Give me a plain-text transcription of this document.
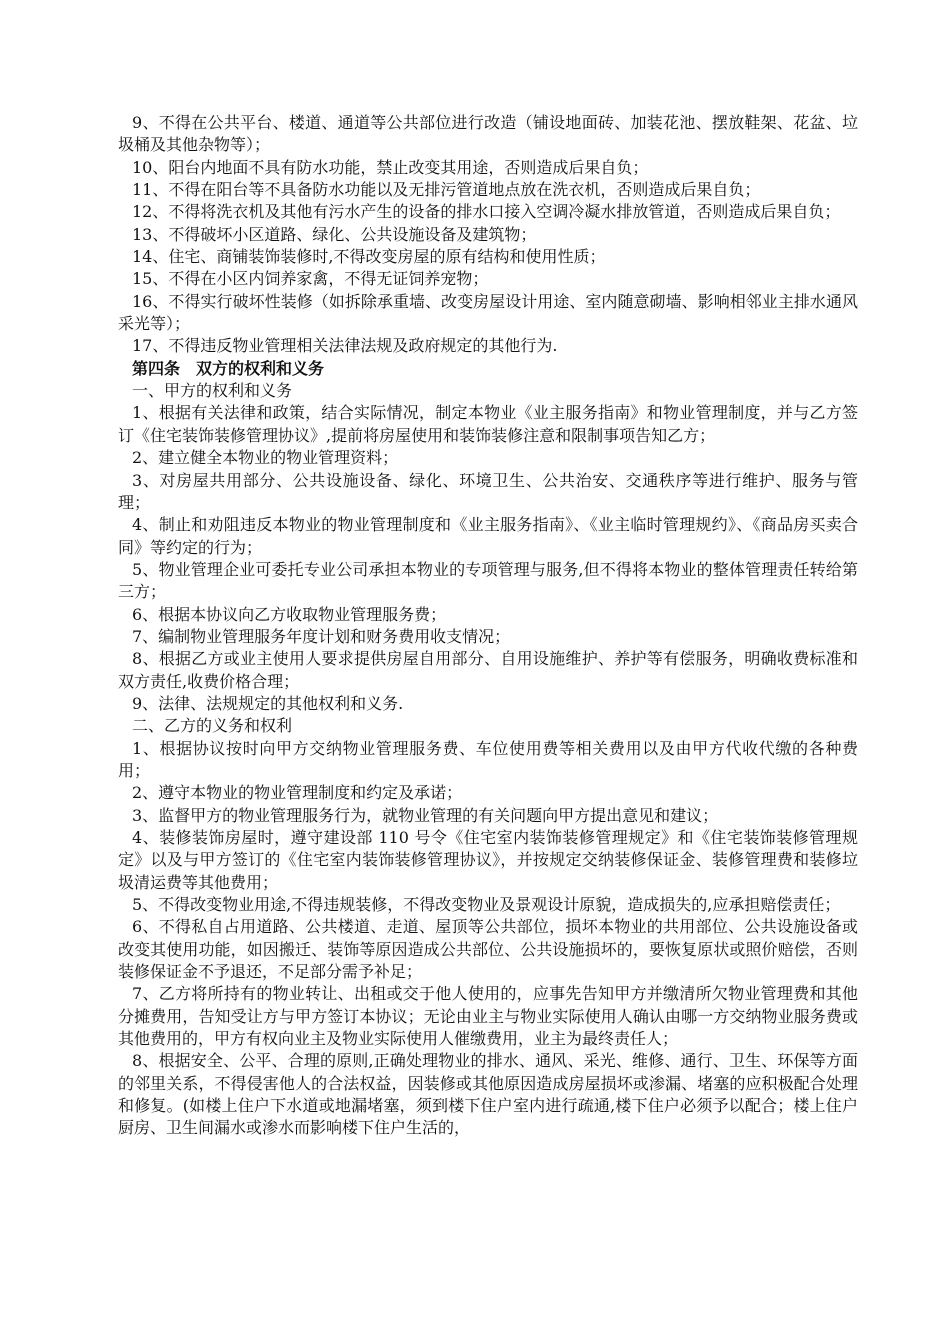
9、不得在公共平台、楼道、通道等公共部位进行改造（铺设地面砖、加装花池、摆放鞋架、花盆、垃圾桶及其他杂物等）；

10、阳台内地面不具有防水功能，禁止改变其用途，否则造成后果自负；

11、不得在阳台等不具备防水功能以及无排污管道地点放在洗衣机，否则造成后果自负；

12、不得将洗衣机及其他有污水产生的设备的排水口接入空调冷凝水排放管道，否则造成后果自负；

13、不得破坏小区道路、绿化、公共设施设备及建筑物；

14、住宅、商铺装饰装修时,不得改变房屋的原有结构和使用性质；

15、不得在小区内饲养家禽，不得无证饲养宠物；

16、不得实行破坏性装修（如拆除承重墙、改变房屋设计用途、室内随意砌墙、影响相邻业主排水通风采光等）；

17、不得违反物业管理相关法律法规及政府规定的其他行为.

第四条　双方的权利和义务

一、甲方的权利和义务

1、根据有关法律和政策，结合实际情况，制定本物业《业主服务指南》和物业管理制度，并与乙方签订《住宅装饰装修管理协议》,提前将房屋使用和装饰装修注意和限制事项告知乙方；

2、建立健全本物业的物业管理资料；

3、对房屋共用部分、公共设施设备、绿化、环境卫生、公共治安、交通秩序等进行维护、服务与管理；

4、制止和劝阻违反本物业的物业管理制度和《业主服务指南》、《业主临时管理规约》、《商品房买卖合同》等约定的行为；

5、物业管理企业可委托专业公司承担本物业的专项管理与服务,但不得将本物业的整体管理责任转给第三方；

6、根据本协议向乙方收取物业管理服务费；

7、编制物业管理服务年度计划和财务费用收支情况；

8、根据乙方或业主使用人要求提供房屋自用部分、自用设施维护、养护等有偿服务，明确收费标准和双方责任,收费价格合理；

9、法律、法规规定的其他权利和义务.

二、乙方的义务和权利

1、根据协议按时向甲方交纳物业管理服务费、车位使用费等相关费用以及由甲方代收代缴的各种费用；

2、遵守本物业的物业管理制度和约定及承诺；

3、监督甲方的物业管理服务行为，就物业管理的有关问题向甲方提出意见和建议；

4、装修装饰房屋时，遵守建设部 110 号令《住宅室内装饰装修管理规定》和《住宅装饰装修管理规定》以及与甲方签订的《住宅室内装饰装修管理协议》，并按规定交纳装修保证金、装修管理费和装修垃圾清运费等其他费用；

5、不得改变物业用途,不得违规装修，不得改变物业及景观设计原貌，造成损失的,应承担赔偿责任；

6、不得私自占用道路、公共楼道、走道、屋顶等公共部位，损坏本物业的共用部位、公共设施设备或改变其使用功能，如因搬迁、装饰等原因造成公共部位、公共设施损坏的，要恢复原状或照价赔偿，否则装修保证金不予退还，不足部分需予补足；

7、乙方将所持有的物业转让、出租或交于他人使用的，应事先告知甲方并缴清所欠物业管理费和其他分摊费用，告知受让方与甲方签订本协议；无论由业主与物业实际使用人确认由哪一方交纳物业服务费或其他费用的，甲方有权向业主及物业实际使用人催缴费用，业主为最终责任人；

8、根据安全、公平、合理的原则,正确处理物业的排水、通风、采光、维修、通行、卫生、环保等方面的邻里关系，不得侵害他人的合法权益，因装修或其他原因造成房屋损坏或渗漏、堵塞的应积极配合处理和修复。(如楼上住户下水道或地漏堵塞，须到楼下住户室内进行疏通,楼下住户必须予以配合；楼上住户厨房、卫生间漏水或渗水而影响楼下住户生活的，
